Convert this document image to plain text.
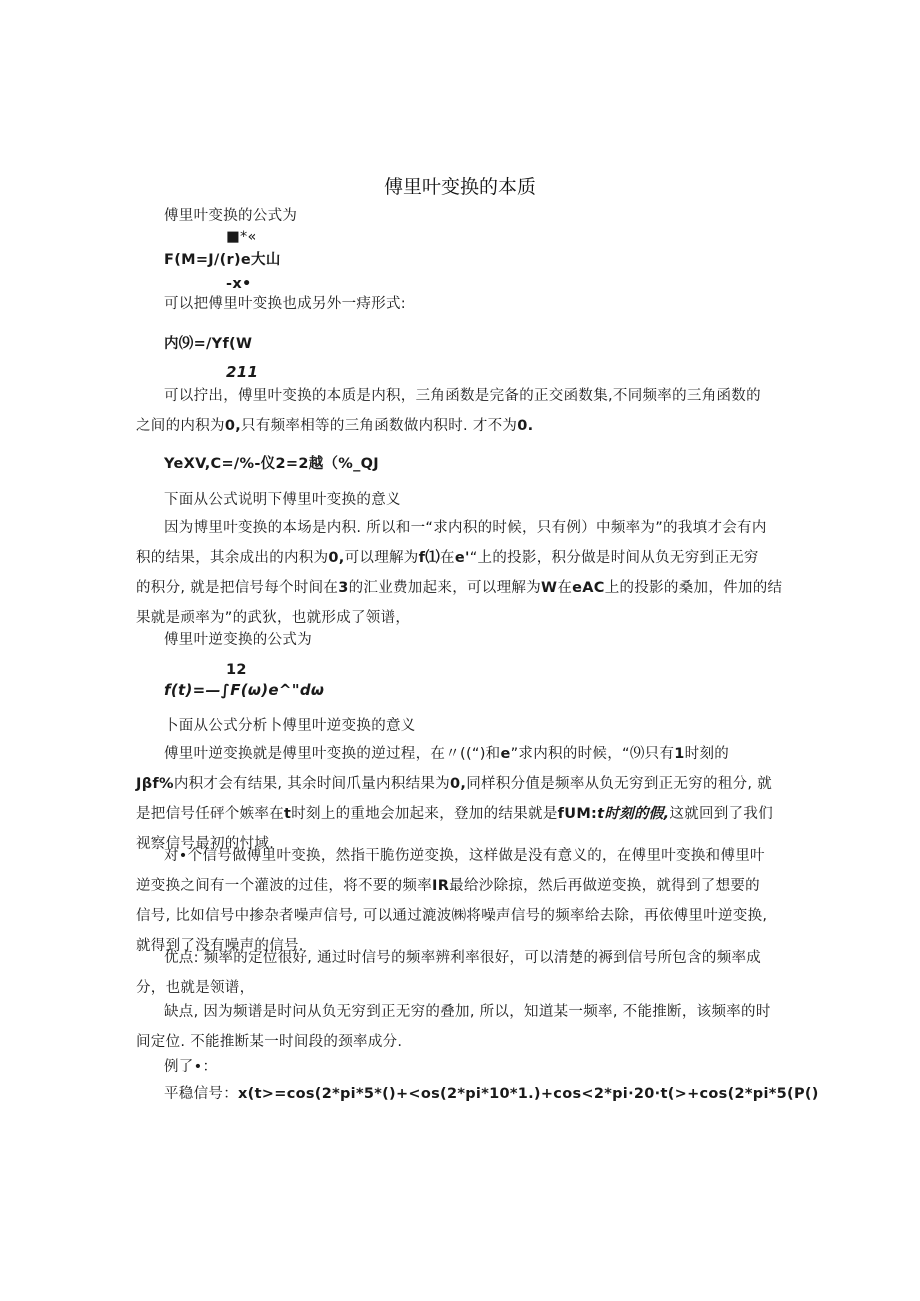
傅里叶变换的本质
傅里叶变换的公式为
■*«
F(M=J/(r)e大山
-x•
可以把傅里叶变换也成另外一痔形式:
内⑼=/Yf(W
211
可以拧出，傅里叶变换的本质是内积，三角函数是完备的正交函数集,不同频率的三角函数的
之间的内积为0,只有频率相等的三角函数做内积时. 才不为0.
YeXV,C=/%-仪2=2越（%_QJ
下面从公式说明下傅里叶变换的意义
因为博里叶变换的本场是内积. 所以和一“求内积的时候，只有例）中频率为”的我填才会有内
积的结果，其余成出的内积为0,可以理解为f⑴在e'“上的投影，积分做是时间从负无穷到正无穷
的积分, 就是把信号每个时间在3的汇业费加起来，可以理解为W在eAC上的投影的桑加，件加的结
果就是顽率为”的武狄，也就形成了领谱，
傅里叶逆变换的公式为
12
f(t)=—∫F(ω)e^"dω
卜面从公式分析卜傅里叶逆变换的意义
傅里叶逆变换就是傅里叶变换的逆过程，在〃((“)和e”求内积的时候，“⑼只有1时刻的
Jβf%内积才会有结果, 其余时间爪量内积结果为0,同样积分值是频率从负无穷到正无穷的租分, 就
是把信号任砰个嫉率在t时刻上的重地会加起来，登加的结果就是fUM:t时刻的假,这就回到了我们
视察信号最初的忖域.
对•个信号做傅里叶变换，然指干脆伤逆变换，这样做是没有意义的，在傅里叶变换和傅里叶
逆变换之间有一个灌波的过佳，将不要的频率IR最给沙除掠，然后再做逆变换，就得到了想要的
信号, 比如信号中掺杂者噪声信号, 可以通过漉波㈱将噪声信号的频率给去除，再依傅里叶逆变换,
就得到了没有噪声的信号.
优点: 频率的定位很好, 通过时信号的频率辨利率很好，可以清楚的褥到信号所包含的频率成
分，也就是领谱，
缺点, 因为频谱是时问从负无穷到正无穷的叠加, 所以，知道某一频率, 不能推断，该频率的时
间定位. 不能推断某一时间段的颈率成分.
例了•：
平稳信号：x(t>=cos(2*pi*5*()+<os(2*pi*10*1.)+cos<2*pi∙20∙t(>+cos(2*pi*5(P()
